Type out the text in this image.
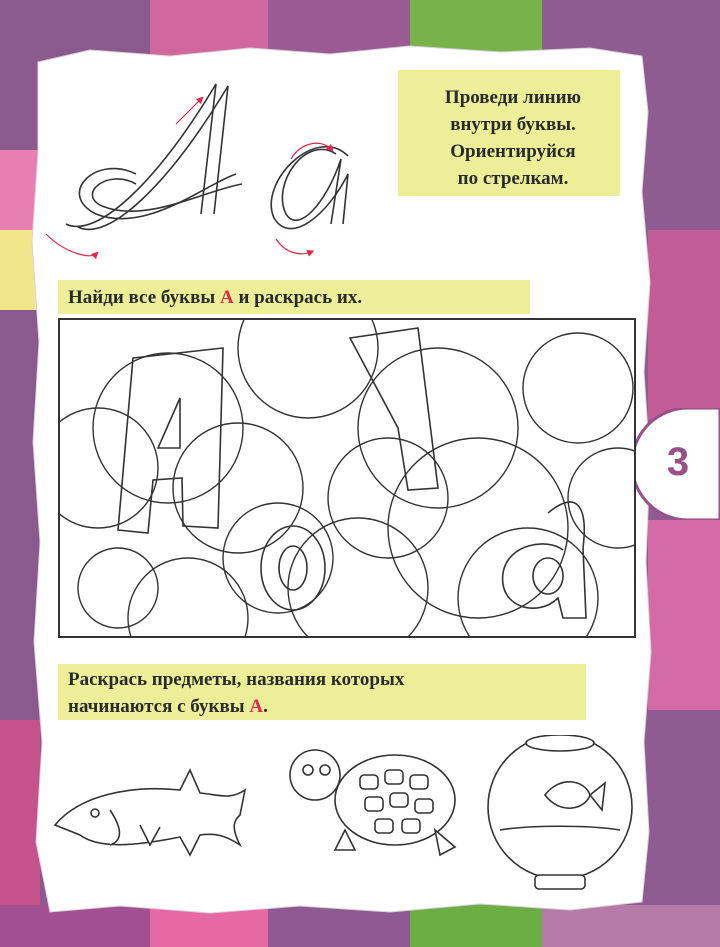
3
Проведи линию
внутри буквы.
Ориентируйся
по стрелкам.
А
Найди все буквы А и раскрась их.
Раскрась предметы, названия которых
начинаются с буквы А.
